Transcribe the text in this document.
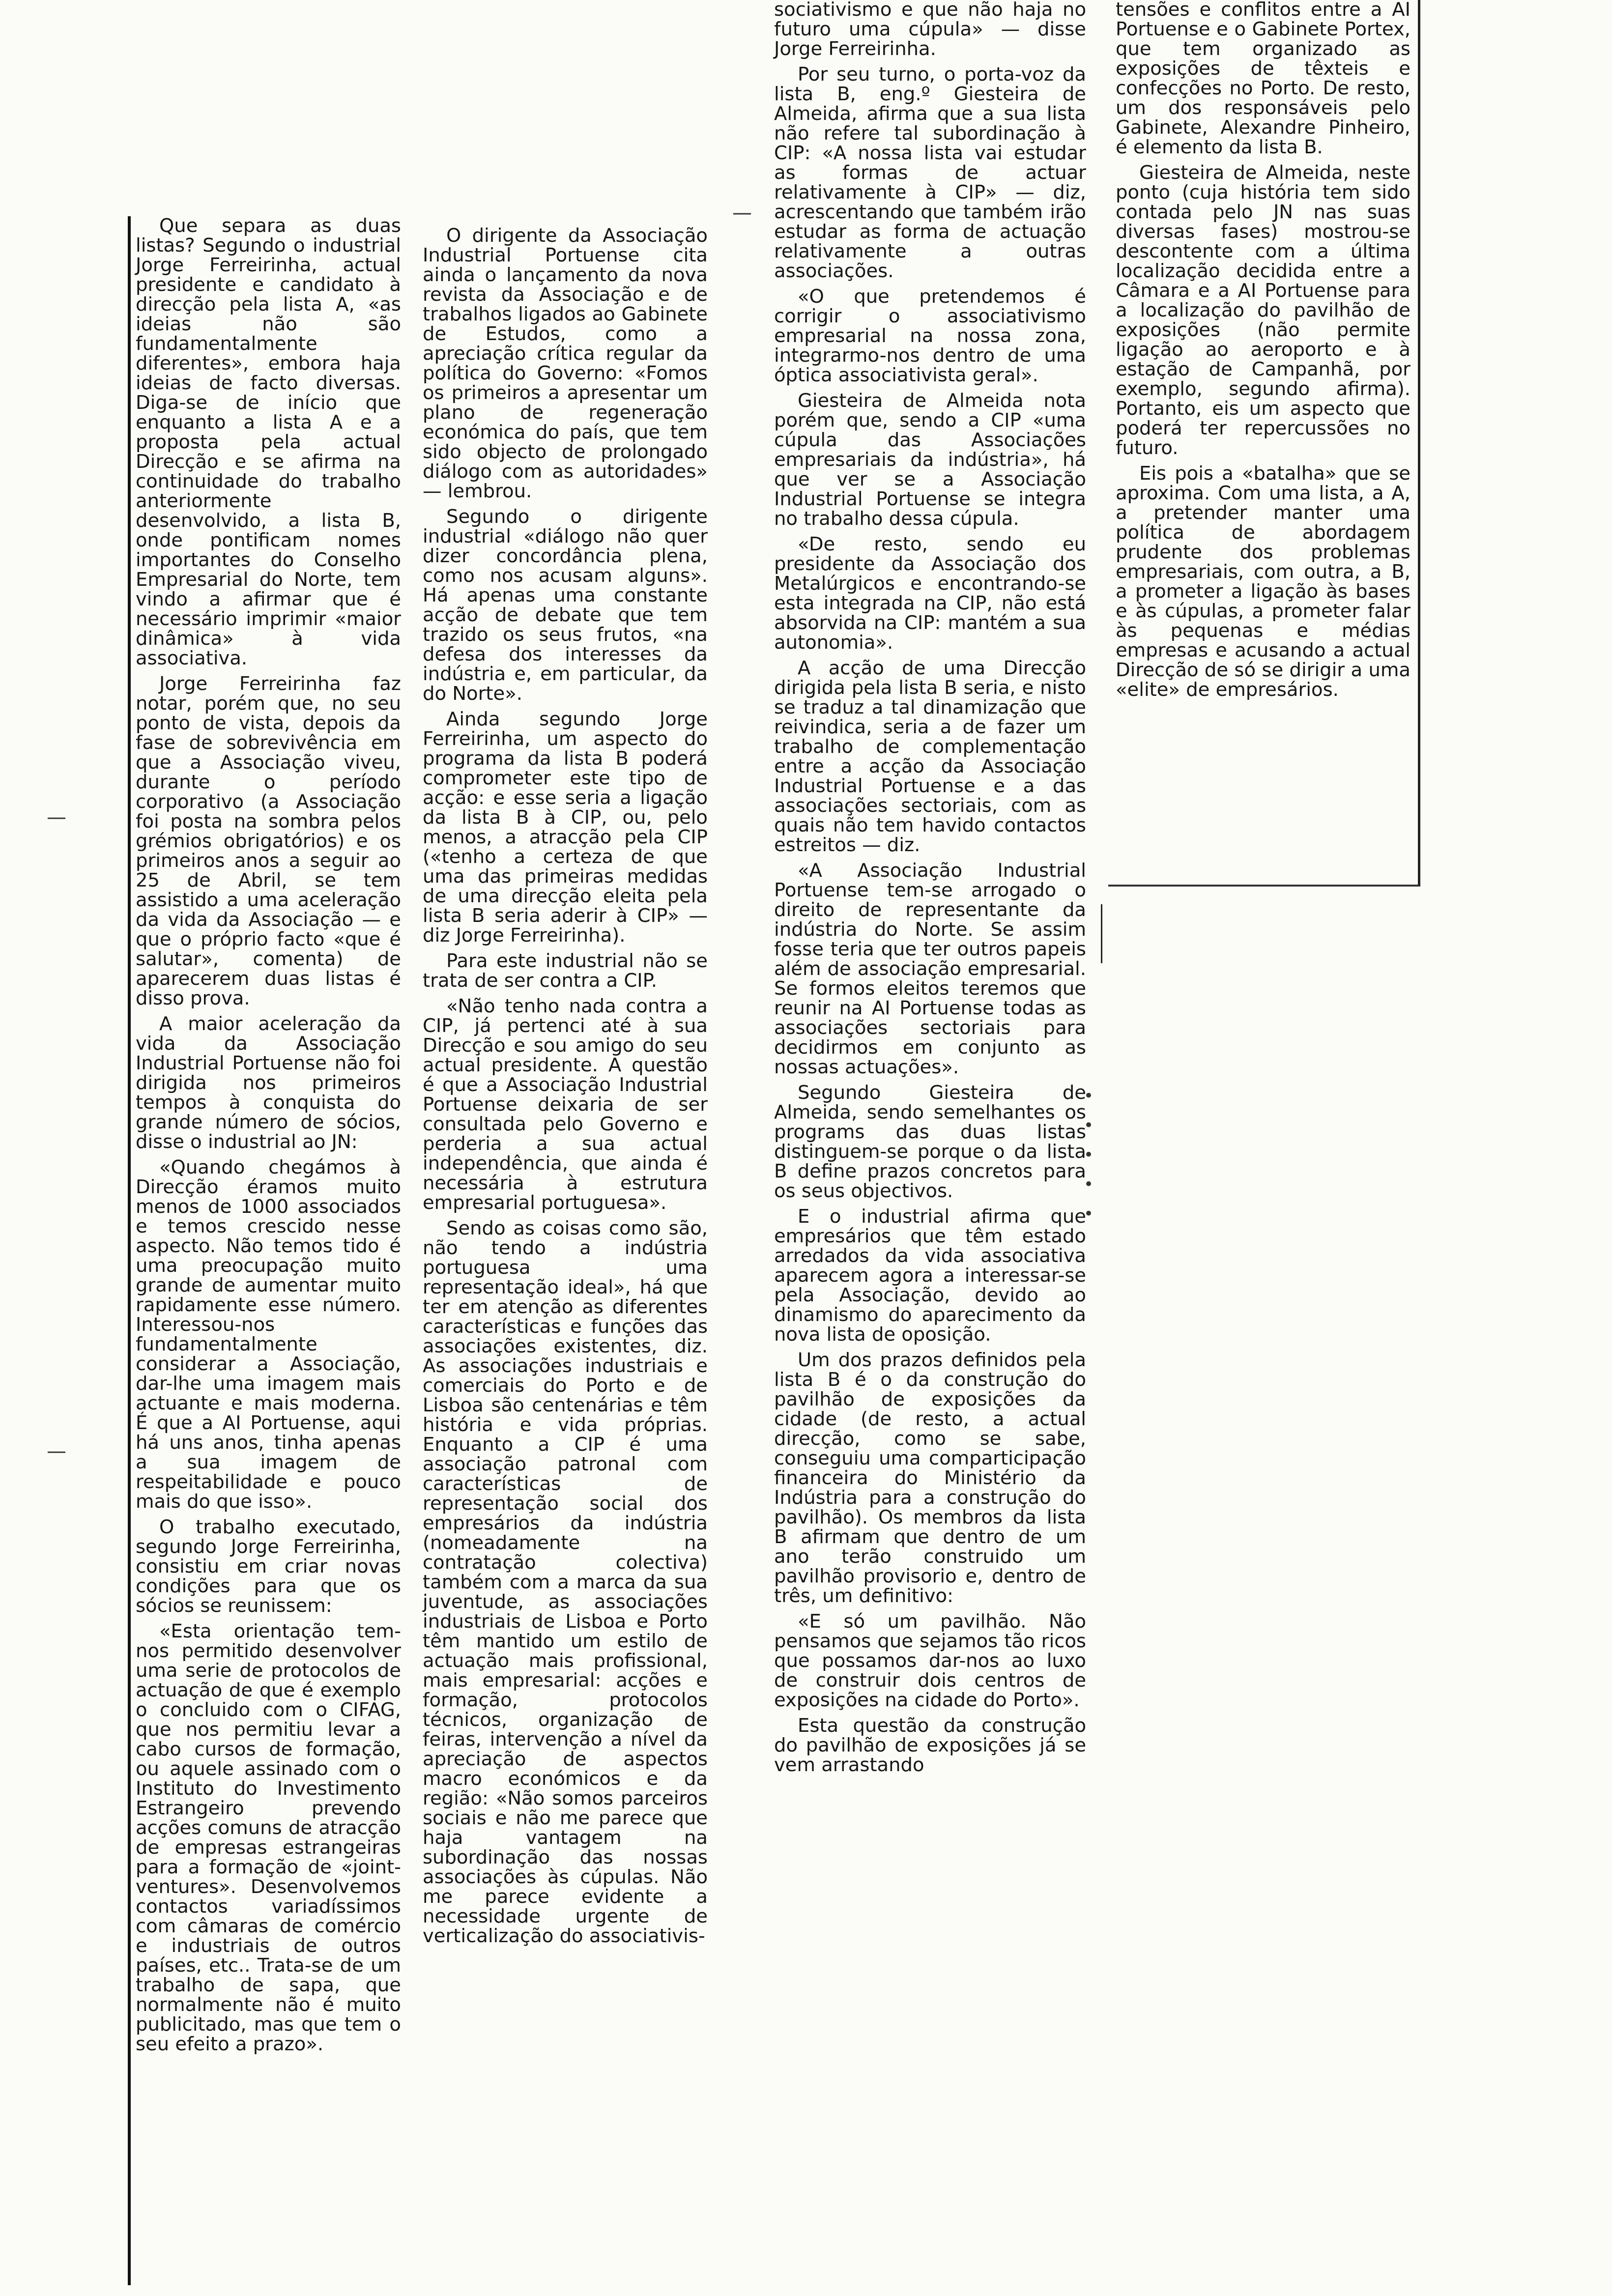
Que separa as duas listas? Segundo o industrial Jorge Ferreirinha, actual presidente e candidato à direcção pela lista A, «as ideias não são fundamentalmente diferentes», embora haja ideias de facto diversas. Diga-se de início que enquanto a lista A e a proposta pela actual Direcção e se afirma na continuidade do trabalho anteriormente desenvolvido, a lista B, onde pontificam nomes importantes do Conselho Empresarial do Norte, tem vindo a afirmar que é necessário imprimir «maior dinâmica» à vida associativa.

Jorge Ferreirinha faz notar, porém que, no seu ponto de vista, depois da fase de sobrevivência em que a Associação viveu, durante o período corporativo (a Associação foi posta na sombra pelos grémios obrigatórios) e os primeiros anos a seguir ao 25 de Abril, se tem assistido a uma aceleração da vida da Associação — e que o próprio facto «que é salutar», comenta) de aparecerem duas listas é disso prova.

A maior aceleração da vida da Associação Industrial Portuense não foi dirigida nos primeiros tempos à conquista do grande número de sócios, disse o industrial ao JN:

«Quando chegámos à Direcção éramos muito menos de 1000 associados e temos crescido nesse aspecto. Não temos tido é uma preocupação muito grande de aumentar muito rapidamente esse número. Interessou-nos fundamentalmente considerar a Associação, dar-lhe uma imagem mais actuante e mais moderna. É que a AI Portuense, aqui há uns anos, tinha apenas a sua imagem de respeitabilidade e pouco mais do que isso».

O trabalho executado, segundo Jorge Ferreirinha, consistiu em criar novas condições para que os sócios se reunissem:

«Esta orientação tem-nos permitido desenvolver uma serie de protocolos de actuação de que é exemplo o concluido com o CIFAG, que nos permitiu levar a cabo cursos de formação, ou aquele assinado com o Instituto do Investimento Estrangeiro prevendo acções comuns de atracção de empresas estrangeiras para a formação de «joint-ventures». Desenvolvemos contactos variadíssimos com câmaras de comércio e industriais de outros países, etc.. Trata-se de um trabalho de sapa, que normalmente não é muito publicitado, mas que tem o seu efeito a prazo».

O dirigente da Associação Industrial Portuense cita ainda o lançamento da nova revista da Associação e de trabalhos ligados ao Gabinete de Estudos, como a apreciação crítica regular da política do Governo: «Fomos os primeiros a apresentar um plano de regeneração económica do país, que tem sido objecto de prolongado diálogo com as autoridades» — lembrou.

Segundo o dirigente industrial «diálogo não quer dizer concordância plena, como nos acusam alguns». Há apenas uma constante acção de debate que tem trazido os seus frutos, «na defesa dos interesses da indústria e, em particular, da do Norte».

Ainda segundo Jorge Ferreirinha, um aspecto do programa da lista B poderá comprometer este tipo de acção: e esse seria a ligação da lista B à CIP, ou, pelo menos, a atracção pela CIP («tenho a certeza de que uma das primeiras medidas de uma direcção eleita pela lista B seria aderir à CIP» — diz Jorge Ferreirinha).

Para este industrial não se trata de ser contra a CIP.

«Não tenho nada contra a CIP, já pertenci até à sua Direcção e sou amigo do seu actual presidente. A questão é que a Associação Industrial Portuense deixaria de ser consultada pelo Governo e perderia a sua actual independência, que ainda é necessária à estrutura empresarial portuguesa».

Sendo as coisas como são, não tendo a indústria portuguesa uma representação ideal», há que ter em atenção as diferentes características e funções das associações existentes, diz. As associações industriais e comerciais do Porto e de Lisboa são centenárias e têm história e vida próprias. Enquanto a CIP é uma associação patronal com características de representação social dos empresários da indústria (nomeadamente na contratação colectiva) também com a marca da sua juventude, as associações industriais de Lisboa e Porto têm mantido um estilo de actuação mais profissional, mais empresarial: acções e formação, protocolos técnicos, organização de feiras, intervenção a nível da apreciação de aspectos macro económicos e da região: «Não somos parceiros sociais e não me parece que haja vantagem na subordinação das nossas associações às cúpulas. Não me parece evidente a necessidade urgente de verticalização do associativis-

sociativismo e que não haja no futuro uma cúpula» — disse Jorge Ferreirinha.

Por seu turno, o porta-voz da lista B, eng.º Giesteira de Almeida, afirma que a sua lista não refere tal subordinação à CIP: «A nossa lista vai estudar as formas de actuar relativamente à CIP» — diz, acrescentando que também irão estudar as forma de actuação relativamente a outras associações.

«O que pretendemos é corrigir o associativismo empresarial na nossa zona, integrarmo-nos dentro de uma óptica associativista geral».

Giesteira de Almeida nota porém que, sendo a CIP «uma cúpula das Associações empresariais da indústria», há que ver se a Associação Industrial Portuense se integra no trabalho dessa cúpula.

«De resto, sendo eu presidente da Associação dos Metalúrgicos e encontrando-se esta integrada na CIP, não está absorvida na CIP: mantém a sua autonomia».

A acção de uma Direcção dirigida pela lista B seria, e nisto se traduz a tal dinamização que reivindica, seria a de fazer um trabalho de complementação entre a acção da Associação Industrial Portuense e a das associações sectoriais, com as quais não tem havido contactos estreitos — diz.

«A Associação Industrial Portuense tem-se arrogado o direito de representante da indústria do Norte. Se assim fosse teria que ter outros papeis além de associação empresarial. Se formos eleitos teremos que reunir na AI Portuense todas as associações sectoriais para decidirmos em conjunto as nossas actuações».

Segundo Giesteira de Almeida, sendo semelhantes os programs das duas listas distinguem-se porque o da lista B define prazos concretos para os seus objectivos.

E o industrial afirma que empresários que têm estado arredados da vida associativa aparecem agora a interessar-se pela Associação, devido ao dinamismo do aparecimento da nova lista de oposição.

Um dos prazos definidos pela lista B é o da construção do pavilhão de exposições da cidade (de resto, a actual direcção, como se sabe, conseguiu uma comparticipação financeira do Ministério da Indústria para a construção do pavilhão). Os membros da lista B afirmam que dentro de um ano terão construido um pavilhão provisorio e, dentro de três, um definitivo:

«E só um pavilhão. Não pensamos que sejamos tão ricos que possamos dar-nos ao luxo de construir dois centros de exposições na cidade do Porto».

Esta questão da construção do pavilhão de exposições já se vem arrastando

tensões e conflitos entre a AI Portuense e o Gabinete Portex, que tem organizado as exposições de têxteis e confecções no Porto. De resto, um dos responsáveis pelo Gabinete, Alexandre Pinheiro, é elemento da lista B.

Giesteira de Almeida, neste ponto (cuja história tem sido contada pelo JN nas suas diversas fases) mostrou-se descontente com a última localização decidida entre a Câmara e a AI Portuense para a localização do pavilhão de exposições (não permite ligação ao aeroporto e à estação de Campanhã, por exemplo, segundo afirma). Portanto, eis um aspecto que poderá ter repercussões no futuro.

Eis pois a «batalha» que se aproxima. Com uma lista, a A, a pretender manter uma política de abordagem prudente dos problemas empresariais, com outra, a B, a prometer a ligação às bases e às cúpulas, a prometer falar às pequenas e médias empresas e acusando a actual Direcção de só se dirigir a uma «elite» de empresários.

—
—
—
•
•
•
•
•
